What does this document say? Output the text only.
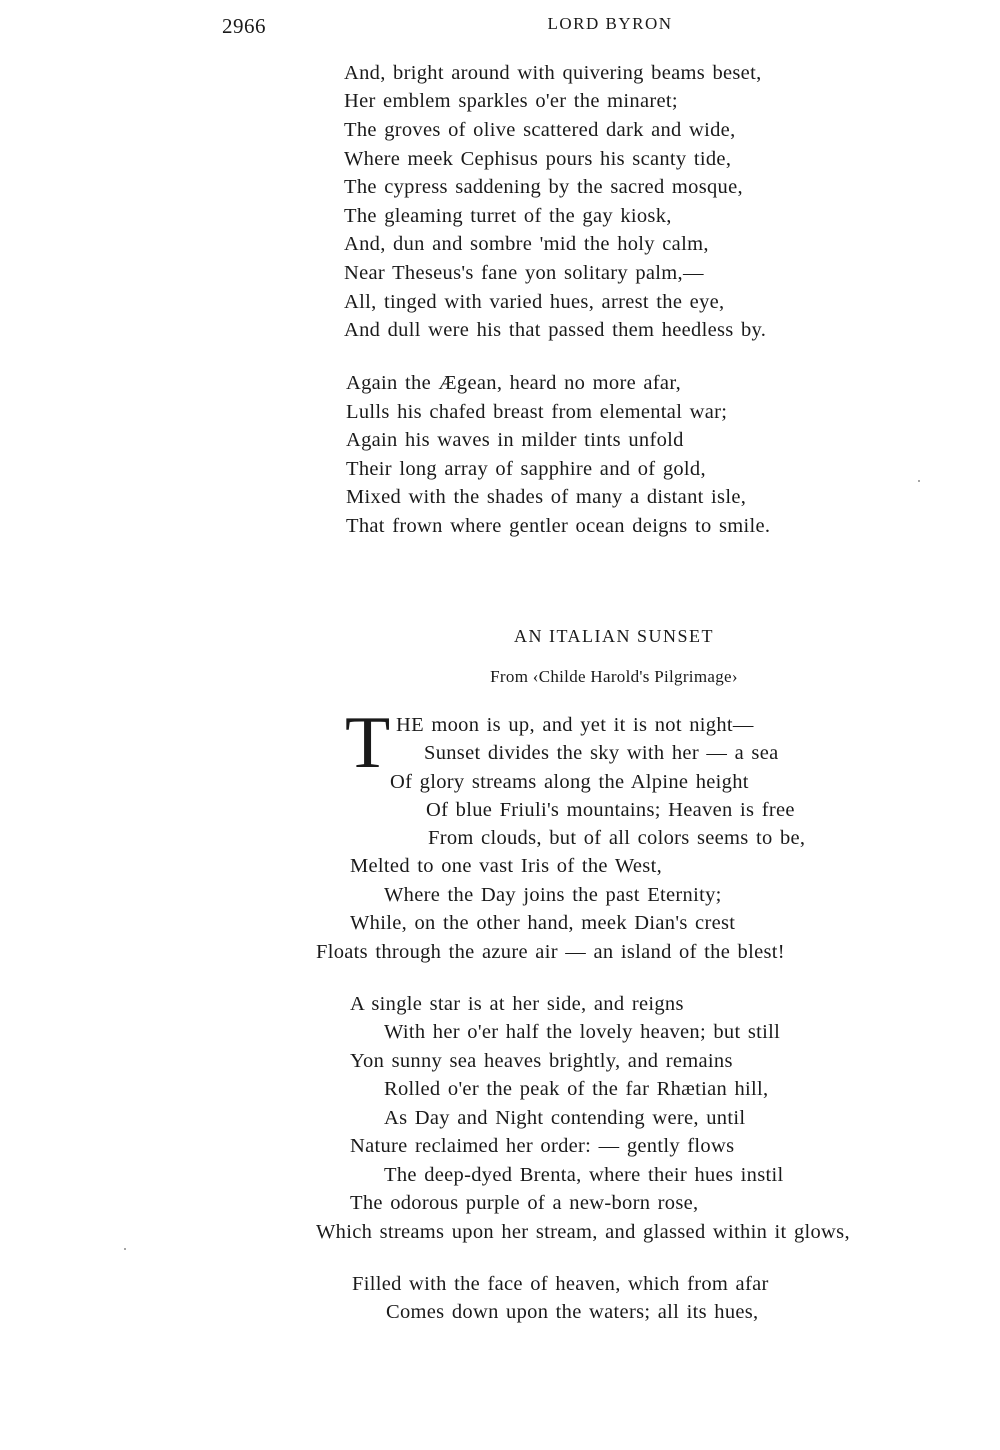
2966	LORD BYRON
And, bright around with quivering beams beset,
Her emblem sparkles o'er the minaret;
The groves of olive scattered dark and wide,
Where meek Cephisus pours his scanty tide,
The cypress saddening by the sacred mosque,
The gleaming turret of the gay kiosk,
And, dun and sombre 'mid the holy calm,
Near Theseus's fane yon solitary palm,—
All, tinged with varied hues, arrest the eye,
And dull were his that passed them heedless by.
Again the Ægean, heard no more afar,
Lulls his chafed breast from elemental war;
Again his waves in milder tints unfold
Their long array of sapphire and of gold,
Mixed with the shades of many a distant isle,
That frown where gentler ocean deigns to smile.
AN ITALIAN SUNSET
From ‹Childe Harold's Pilgrimage›
T HE moon is up, and yet it is not night—
Sunset divides the sky with her — a sea
Of glory streams along the Alpine height
Of blue Friuli's mountains; Heaven is free
From clouds, but of all colors seems to be,
Melted to one vast Iris of the West,
Where the Day joins the past Eternity;
While, on the other hand, meek Dian's crest
Floats through the azure air — an island of the blest!
A single star is at her side, and reigns
With her o'er half the lovely heaven; but still
Yon sunny sea heaves brightly, and remains
Rolled o'er the peak of the far Rhætian hill,
As Day and Night contending were, until
Nature reclaimed her order: — gently flows
The deep-dyed Brenta, where their hues instil
The odorous purple of a new-born rose,
Which streams upon her stream, and glassed within it glows,
Filled with the face of heaven, which from afar
Comes down upon the waters; all its hues,
